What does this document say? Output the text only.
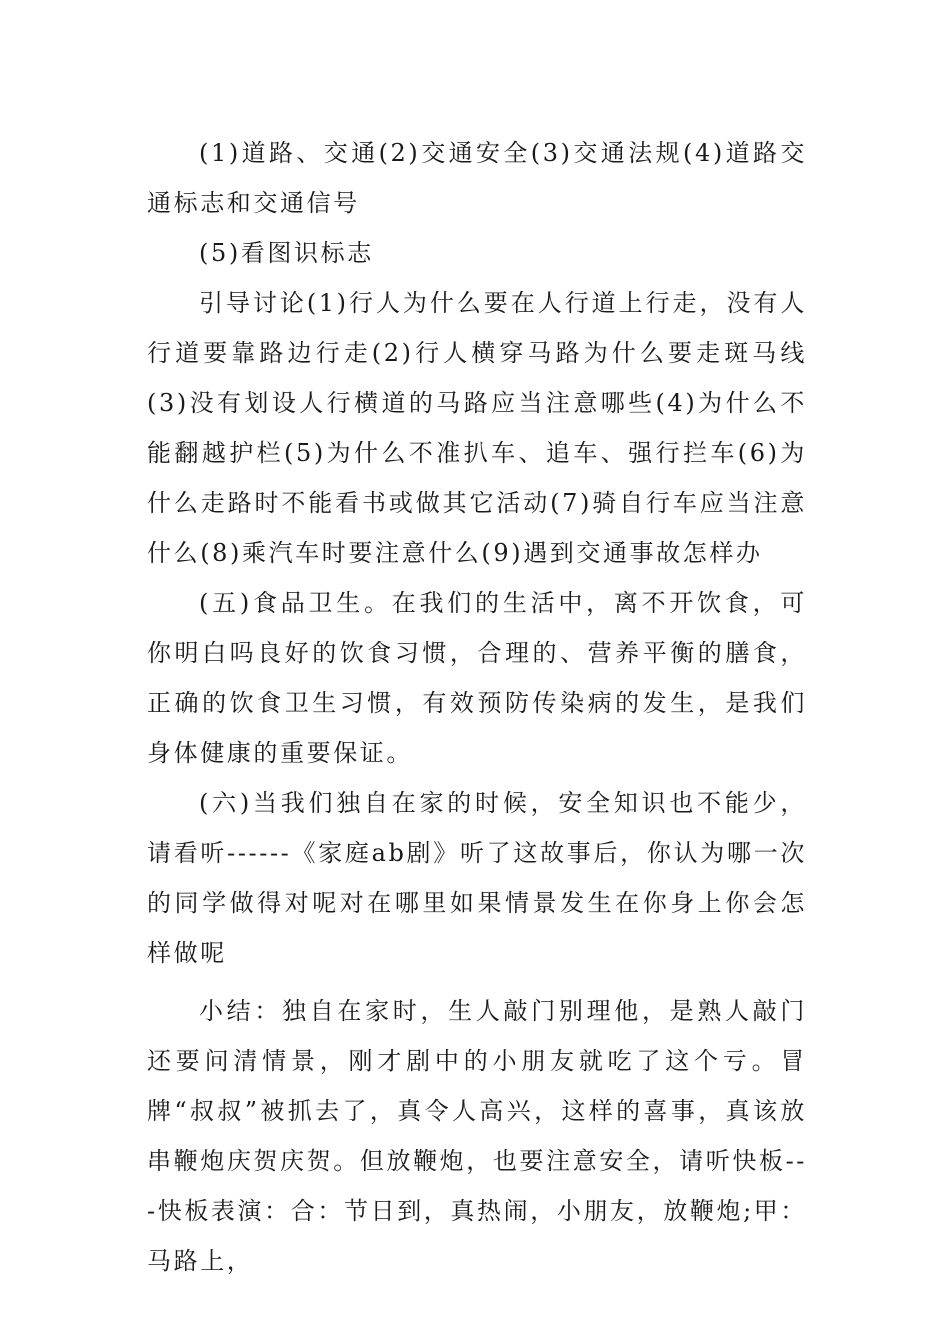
(1)道路、交通(2)交通安全(3)交通法规(4)道路交通标志和交通信号

(5)看图识标志

引导讨论(1)行人为什么要在人行道上行走，没有人行道要靠路边行走(2)行人横穿马路为什么要走斑马线(3)没有划设人行横道的马路应当注意哪些(4)为什么不能翻越护栏(5)为什么不准扒车、追车、强行拦车(6)为什么走路时不能看书或做其它活动(7)骑自行车应当注意什么(8)乘汽车时要注意什么(9)遇到交通事故怎样办

(五)食品卫生。在我们的生活中，离不开饮食，可你明白吗良好的饮食习惯，合理的、营养平衡的膳食，正确的饮食卫生习惯，有效预防传染病的发生，是我们身体健康的重要保证。

(六)当我们独自在家的时候，安全知识也不能少，请看听------《家庭ab剧》听了这故事后，你认为哪一次的同学做得对呢对在哪里如果情景发生在你身上你会怎样做呢

小结：独自在家时，生人敲门别理他，是熟人敲门还要问清情景，刚才剧中的小朋友就吃了这个亏。冒牌“叔叔”被抓去了，真令人高兴，这样的喜事，真该放串鞭炮庆贺庆贺。但放鞭炮，也要注意安全，请听快板---快板表演：合：节日到，真热闹，小朋友，放鞭炮;甲：马路上，
